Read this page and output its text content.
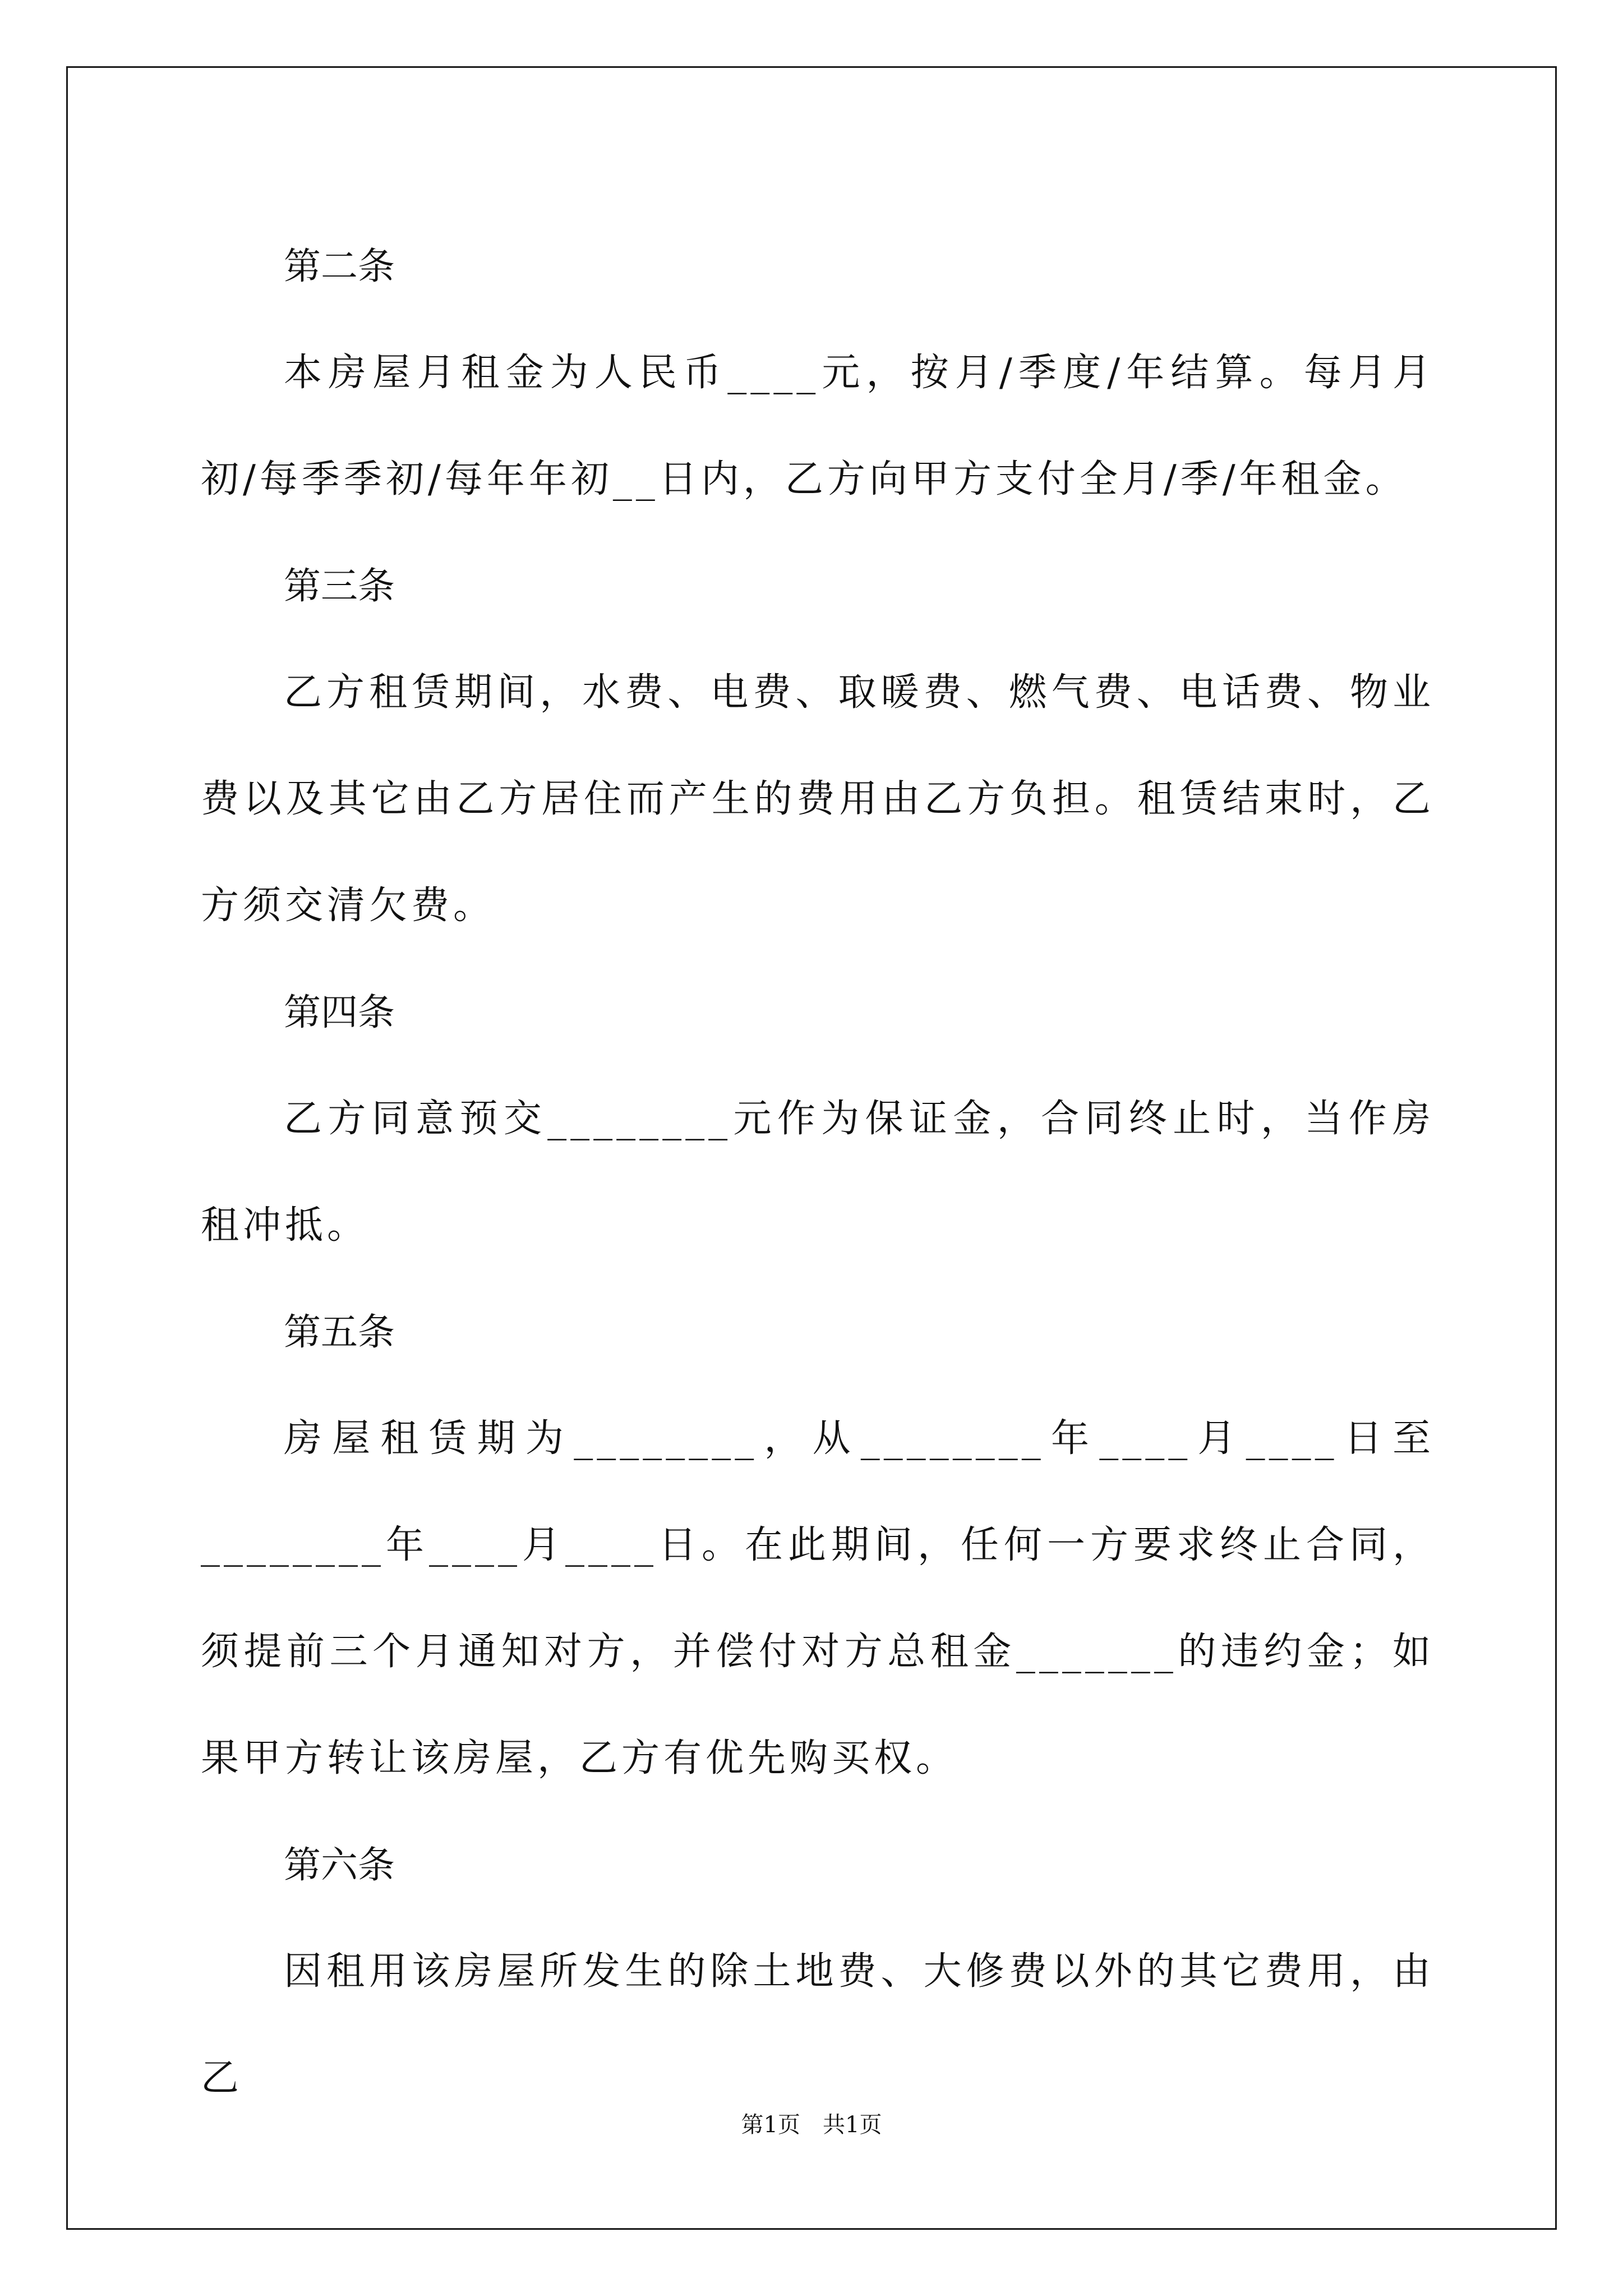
第二条
本房屋月租金为人民币____元，按月/季度/年结算。每月月初/每季季初/每年年初__日内，乙方向甲方支付全月/季/年租金。
第三条
乙方租赁期间，水费、电费、取暖费、燃气费、电话费、物业费以及其它由乙方居住而产生的费用由乙方负担。租赁结束时，乙方须交清欠费。
第四条
乙方同意预交________元作为保证金，合同终止时，当作房租冲抵。
第五条
房屋租赁期为________，从________年____月____日至________年____月____日。在此期间，任何一方要求终止合同，须提前三个月通知对方，并偿付对方总租金_______的违约金；如果甲方转让该房屋，乙方有优先购买权。
第六条
因租用该房屋所发生的除土地费、大修费以外的其它费用，由乙
第1页　共1页
